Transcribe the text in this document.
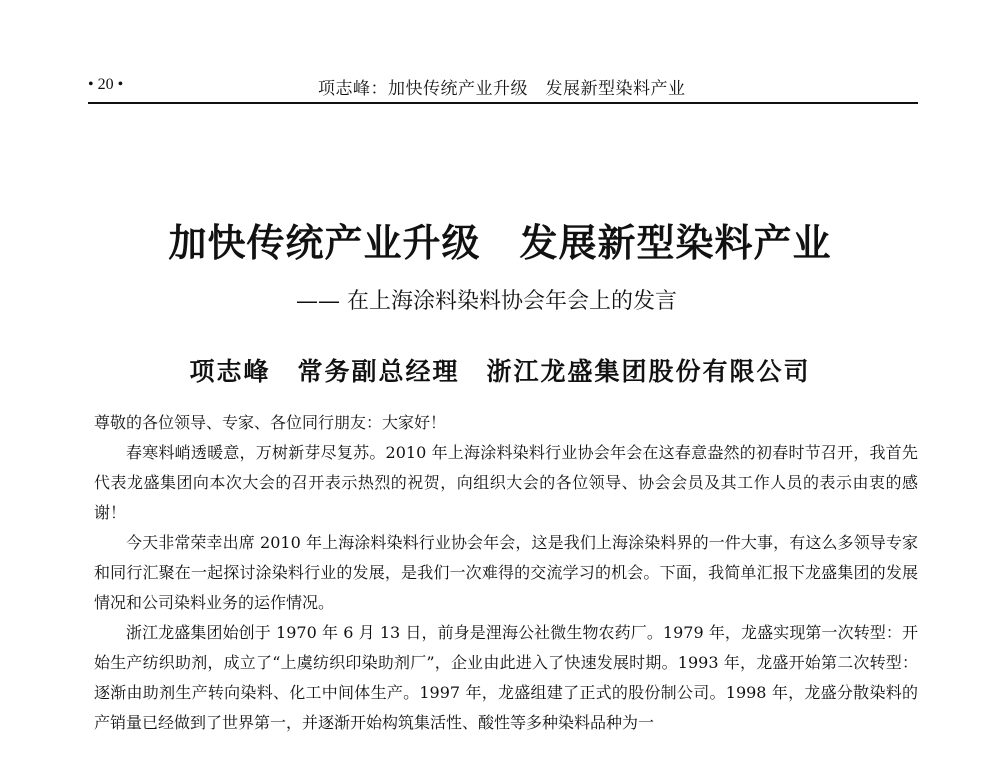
• 20 •	项志峰：加快传统产业升级　发展新型染料产业
加快传统产业升级　发展新型染料产业
—— 在上海涂料染料协会年会上的发言
项志峰　常务副总经理　浙江龙盛集团股份有限公司

尊敬的各位领导、专家、各位同行朋友：大家好！

春寒料峭透暖意，万树新芽尽复苏。2010 年上海涂料染料行业协会年会在这春意盎然的初春时节召开，我首先代表龙盛集团向本次大会的召开表示热烈的祝贺，向组织大会的各位领导、协会会员及其工作人员的表示由衷的感谢！

今天非常荣幸出席 2010 年上海涂料染料行业协会年会，这是我们上海涂染料界的一件大事，有这么多领导专家和同行汇聚在一起探讨涂染料行业的发展，是我们一次难得的交流学习的机会。下面，我简单汇报下龙盛集团的发展情况和公司染料业务的运作情况。

浙江龙盛集团始创于 1970 年 6 月 13 日，前身是浬海公社微生物农药厂。1979 年，龙盛实现第一次转型：开始生产纺织助剂，成立了“上虞纺织印染助剂厂”，企业由此进入了快速发展时期。1993 年，龙盛开始第二次转型：逐渐由助剂生产转向染料、化工中间体生产。1997 年，龙盛组建了正式的股份制公司。1998 年，龙盛分散染料的产销量已经做到了世界第一，并逐渐开始构筑集活性、酸性等多种染料品种为一
